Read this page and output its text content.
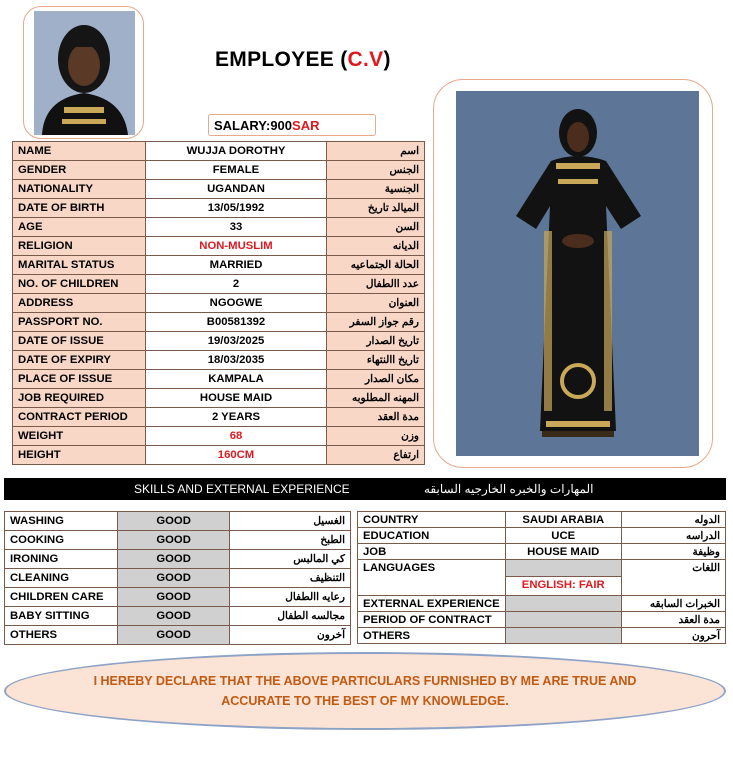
EMPLOYEE (C.V)
SALARY:900 SAR
NAME	WUJJA DOROTHY	اسم
GENDER	FEMALE	الجنس
NATIONALITY	UGANDAN	الجنسية
DATE OF BIRTH	13/05/1992	الميالد تاريخ
AGE	33	السن
RELIGION	NON-MUSLIM	الديانه
MARITAL STATUS	MARRIED	الحالة الجتماعيه
NO. OF CHILDREN	2	عدد االطفال
ADDRESS	NGOGWE	العنوان
PASSPORT NO.	B00581392	رقم جواز السفر
DATE OF ISSUE	19/03/2025	تاريخ الصدار
DATE OF EXPIRY	18/03/2035	تاريخ االنتهاء
PLACE OF ISSUE	KAMPALA	مكان الصدار
JOB REQUIRED	HOUSE MAID	المهنه المطلوبه
CONTRACT PERIOD	2 YEARS	مدة العقد
WEIGHT	68	وزن
HEIGHT	160CM	ارتفاع
SKILLS AND EXTERNAL EXPERIENCE	المهارات والخبره الخارجيه السابقه
WASHING	GOOD	الغسيل
COOKING	GOOD	الطبخ
IRONING	GOOD	كي المالبس
CLEANING	GOOD	التنظيف
CHILDREN CARE	GOOD	رعايه االطفال
BABY SITTING	GOOD	مجالسه الطفال
OTHERS	GOOD	آخرون
COUNTRY	SAUDI ARABIA	الدوله
EDUCATION	UCE	الدراسه
JOB	HOUSE MAID	وظيفة
LANGUAGES	ENGLISH: FAIR	اللغات
EXTERNAL EXPERIENCE		الخبرات السابقه
PERIOD OF CONTRACT		مدة العقد
OTHERS		آحرون
I HEREBY DECLARE THAT THE ABOVE PARTICULARS FURNISHED BY ME ARE TRUE AND
ACCURATE TO THE BEST OF MY KNOWLEDGE.
